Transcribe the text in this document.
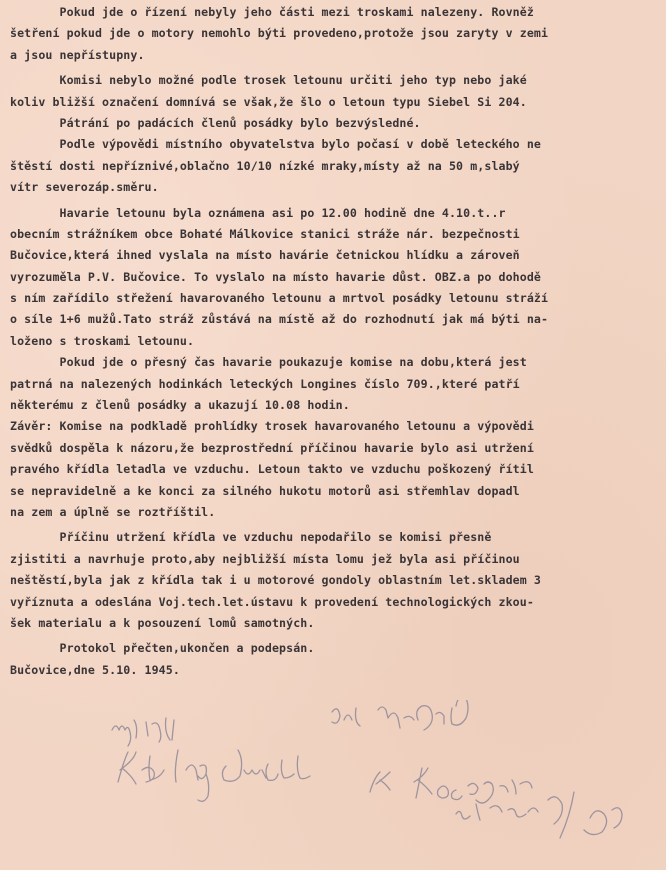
Pokud jde o řízení nebyly jeho části mezi troskami nalezeny. Rovněž
šetření pokud jde o motory nemohlo býti provedeno,protože jsou zaryty v zemi
a jsou nepřístupny.
Komisi nebylo možné podle trosek letounu určiti jeho typ nebo jaké
koliv bližší označení domnívá se však,že šlo o letoun typu Siebel Si 204.
Pátrání po padácích členů posádky bylo bezvýsledné.
Podle výpovědi místního obyvatelstva bylo počasí v době leteckého ne
štěstí dosti nepříznivé,oblačno 10/10 nízké mraky,místy až na 50 m,slabý
vítr severozáp.směru.
Havarie letounu byla oznámena asi po 12.00 hodině dne 4.10.t..r
obecním strážníkem obce Bohaté Málkovice stanici stráže nár. bezpečnosti
Bučovice,která ihned vyslala na místo havárie četnickou hlídku a zároveň
vyrozuměla P.V. Bučovice. To vyslalo na místo havarie důst. OBZ.a po dohodě
s ním zařídilo střežení havarovaného letounu a mrtvol posádky letounu stráží
o síle 1+6 mužů.Tato stráž zůstává na místě až do rozhodnutí jak má býti na-
loženo s troskami letounu.
Pokud jde o přesný čas havarie poukazuje komise na dobu,která jest
patrná na nalezených hodinkách leteckých Longines číslo 709.,které patří
některému z členů posádky a ukazují 10.08 hodin.
Závěr: Komise na podkladě prohlídky trosek havarovaného letounu a výpovědi
svědků dospěla k názoru,že bezprostřední příčinou havarie bylo asi utržení
pravého křídla letadla ve vzduchu. Letoun takto ve vzduchu poškozený řítil
se nepravidelně a ke konci za silného hukotu motorů asi střemhlav dopadl
na zem a úplně se roztříštil.
Příčinu utržení křídla ve vzduchu nepodařilo se komisi přesně
zjistiti a navrhuje proto,aby nejbližší místa lomu jež byla asi příčinou
neštěstí,byla jak z křídla tak i u motorové gondoly oblastním let.skladem 3
vyříznuta a odeslána Voj.tech.let.ústavu k provedení technologických zkou-
šek materialu a k posouzení lomů samotných.
Protokol přečten,ukončen a podepsán.
Bučovice,dne 5.10. 1945.
